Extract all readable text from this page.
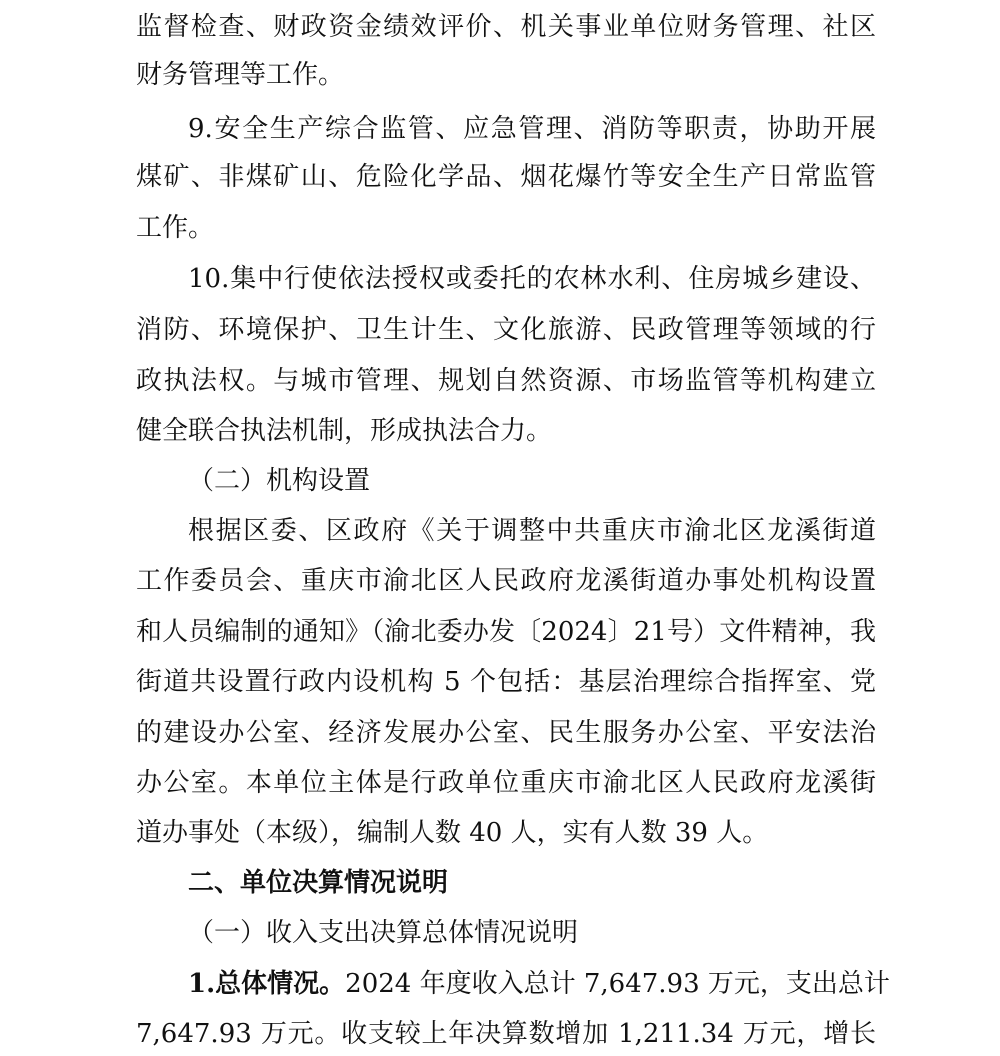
监督检查、财政资金绩效评价、机关事业单位财务管理、社区
财务管理等工作。
9.安全生产综合监管、应急管理、消防等职责，协助开展
煤矿、非煤矿山、危险化学品、烟花爆竹等安全生产日常监管
工作。
10.集中行使依法授权或委托的农林水利、住房城乡建设、
消防、环境保护、卫生计生、文化旅游、民政管理等领域的行
政执法权。与城市管理、规划自然资源、市场监管等机构建立
健全联合执法机制，形成执法合力。
（二）机构设置
根据区委、区政府《关于调整中共重庆市渝北区龙溪街道
工作委员会、重庆市渝北区人民政府龙溪街道办事处机构设置
和人员编制的通知》（渝北委办发〔2024〕21号）文件精神，我
街道共设置行政内设机构 5 个包括：基层治理综合指挥室、党
的建设办公室、经济发展办公室、民生服务办公室、平安法治
办公室。本单位主体是行政单位重庆市渝北区人民政府龙溪街
道办事处（本级），编制人数 40 人，实有人数 39 人。
二、单位决算情况说明
（一）收入支出决算总体情况说明
1.总体情况。2024 年度收入总计 7,647.93 万元，支出总计
7,647.93 万元。收支较上年决算数增加 1,211.34 万元，增长
